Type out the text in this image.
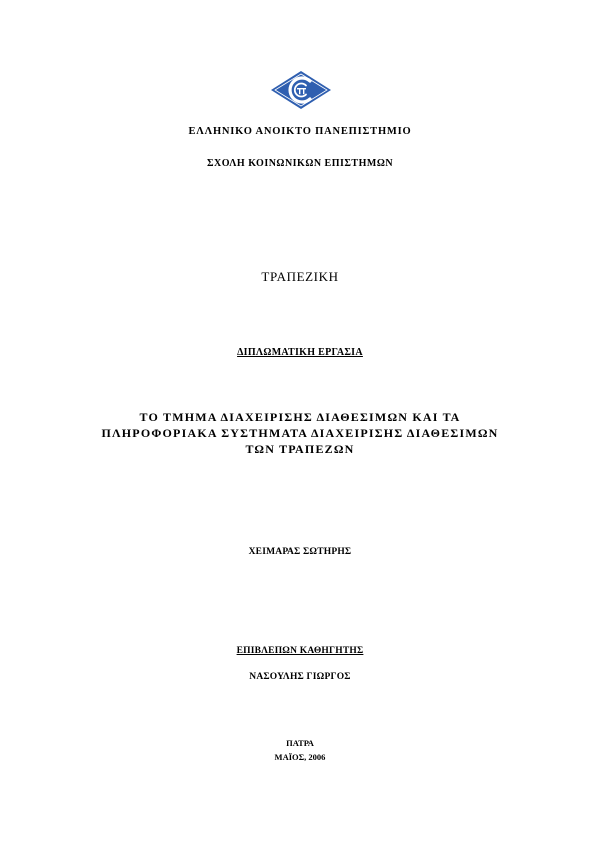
ΕΛΛΗΝΙΚΟ ΑΝΟΙΚΤΟ ΠΑΝΕΠΙΣΤΗΜΙΟ
ΣΧΟΛΗ ΚΟΙΝΩΝΙΚΩΝ ΕΠΙΣΤΗΜΩΝ
ΤΡΑΠΕΖΙΚΗ
ΔΙΠΛΩΜΑΤΙΚΗ ΕΡΓΑΣΙΑ
ΤΟ ΤΜΗΜΑ ΔΙΑΧΕΙΡΙΣΗΣ ΔΙΑΘΕΣΙΜΩΝ ΚΑΙ ΤΑ
ΠΛΗΡΟΦΟΡΙΑΚΑ ΣΥΣΤΗΜΑΤΑ ΔΙΑΧΕΙΡΙΣΗΣ ΔΙΑΘΕΣΙΜΩΝ
ΤΩΝ ΤΡΑΠΕΖΩΝ
ΧΕΙΜΑΡΑΣ ΣΩΤΗΡΗΣ
ΕΠΙΒΛΕΠΩΝ ΚΑΘΗΓΗΤΗΣ
ΝΑΣΟΥΛΗΣ ΓΙΩΡΓΟΣ
ΠΑΤΡΑ
ΜΑΪΟΣ, 2006
